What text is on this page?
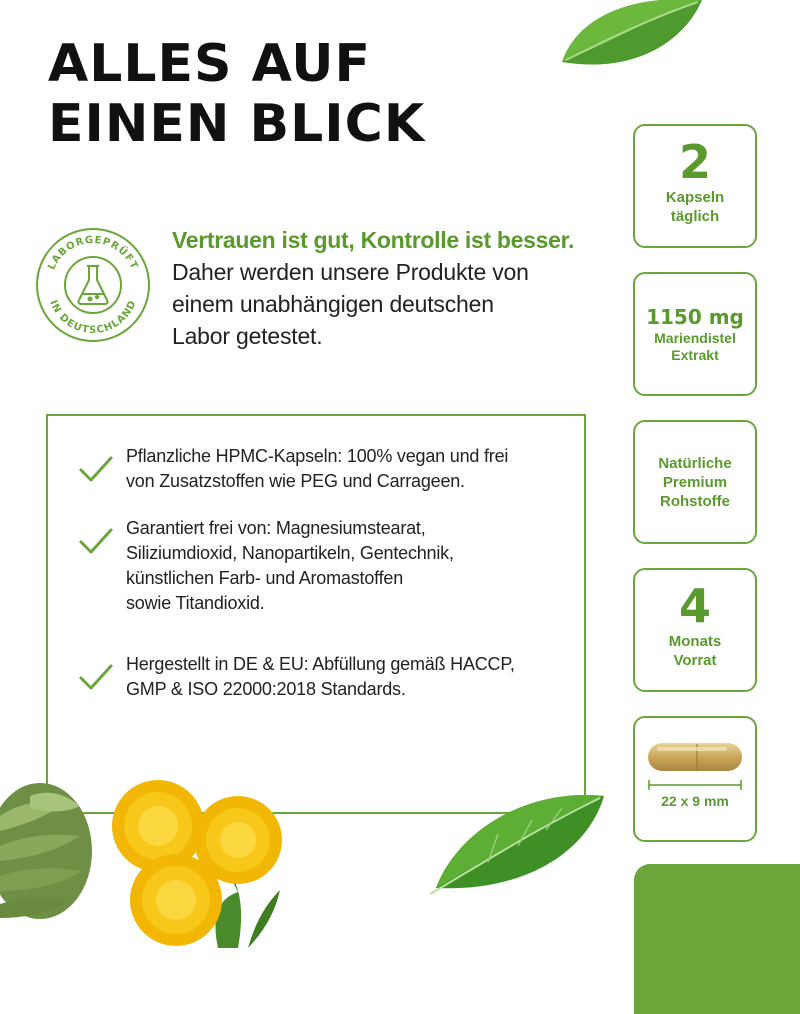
ALLES AUF
EINEN BLICK
LABORGEPRÜFT
IN DEUTSCHLAND

Vertrauen ist gut, Kontrolle ist besser.

Daher werden unsere Produkte von
einem unabhängigen deutschen
Labor getestet.

Pflanzliche HPMC-Kapseln: 100% vegan und frei
von Zusatzstoffen wie PEG und Carrageen.

Garantiert frei von: Magnesiumstearat,
Siliziumdioxid, Nanopartikeln, Gentechnik,
künstlichen Farb- und Aromastoffen
sowie Titandioxid.

Hergestellt in DE & EU: Abfüllung gemäß HACCP,
GMP & ISO 22000:2018 Standards.

2
Kapseln
täglich
1150 mg
Mariendistel
Extrakt
Natürliche
Premium
Rohstoffe
4
Monats
Vorrat
22 x 9 mm
